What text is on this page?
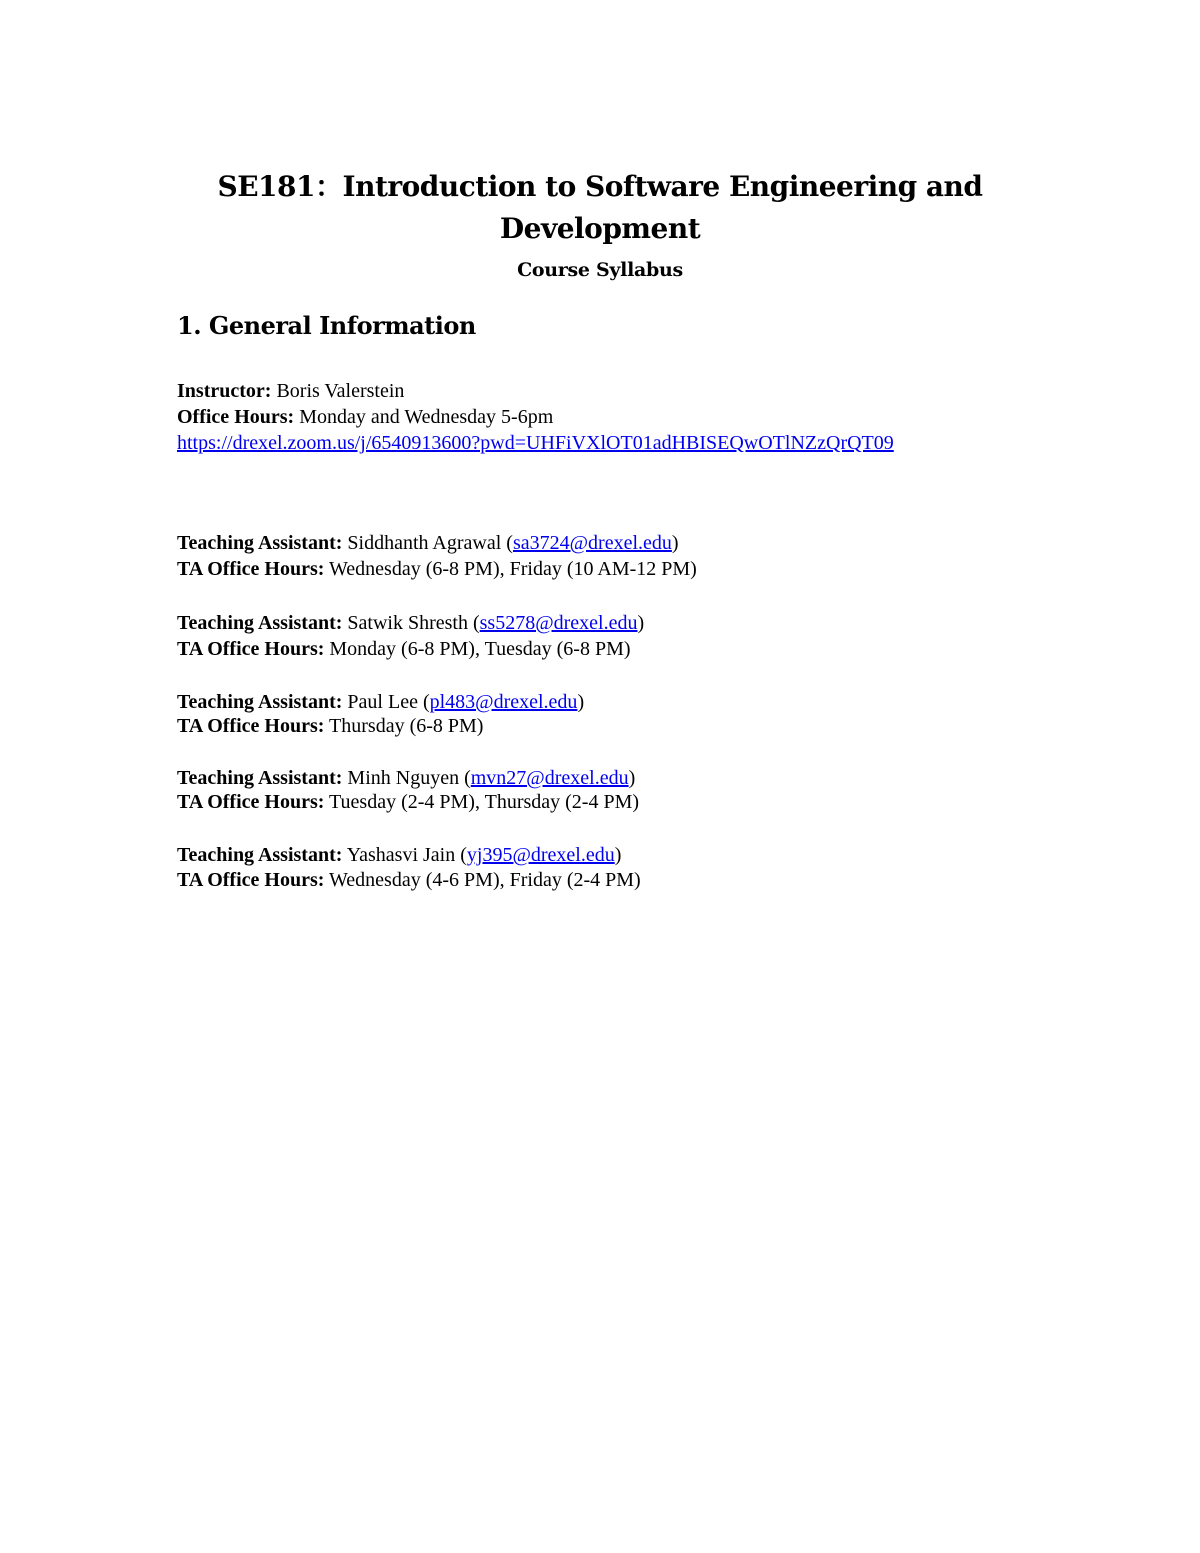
SE181：Introduction to Software Engineering and
Development
Course Syllabus
1. General Information
Instructor: Boris Valerstein
Office Hours: Monday and Wednesday 5-6pm
https://drexel.zoom.us/j/6540913600?pwd=UHFiVXlOT01adHBISEQwOTlNZzQrQT09
Teaching Assistant: Siddhanth Agrawal (sa3724@drexel.edu)
TA Office Hours: Wednesday (6-8 PM), Friday (10 AM-12 PM)
Teaching Assistant: Satwik Shresth (ss5278@drexel.edu)
TA Office Hours: Monday (6-8 PM), Tuesday (6-8 PM)
Teaching Assistant: Paul Lee (pl483@drexel.edu)
TA Office Hours: Thursday (6-8 PM)
Teaching Assistant: Minh Nguyen (mvn27@drexel.edu)
TA Office Hours: Tuesday (2-4 PM), Thursday (2-4 PM)
Teaching Assistant: Yashasvi Jain (yj395@drexel.edu)
TA Office Hours: Wednesday (4-6 PM), Friday (2-4 PM)
